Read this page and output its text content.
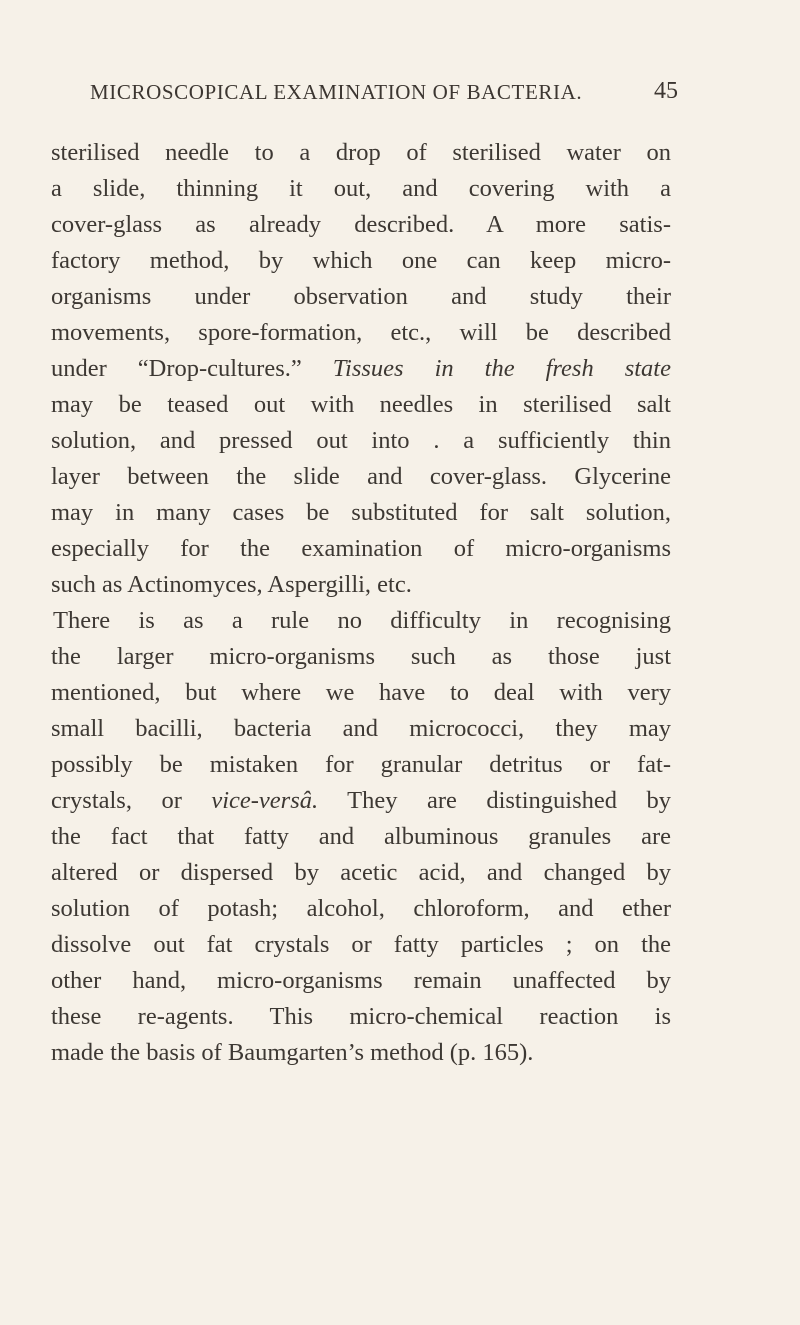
MICROSCOPICAL EXAMINATION OF BACTERIA.	45
sterilised needle to a drop of sterilised water on
a slide, thinning it out, and covering with a
cover-glass as already described. A more satis-
factory method, by which one can keep micro-
organisms under observation and study their
movements, spore-formation, etc., will be described
under “Drop-cultures.” Tissues in the fresh state
may be teased out with needles in sterilised salt
solution, and pressed out into . a sufficiently thin
layer between the slide and cover-glass. Glycerine
may in many cases be substituted for salt solution,
especially for the examination of micro-organisms
such as Actinomyces, Aspergilli, etc.
There is as a rule no difficulty in recognising
the larger micro-organisms such as those just
mentioned, but where we have to deal with very
small bacilli, bacteria and micrococci, they may
possibly be mistaken for granular detritus or fat-
crystals, or vice-versâ. They are distinguished by
the fact that fatty and albuminous granules are
altered or dispersed by acetic acid, and changed by
solution of potash; alcohol, chloroform, and ether
dissolve out fat crystals or fatty particles ; on the
other hand, micro-organisms remain unaffected by
these re-agents. This micro-chemical reaction is
made the basis of Baumgarten’s method (p. 165).
